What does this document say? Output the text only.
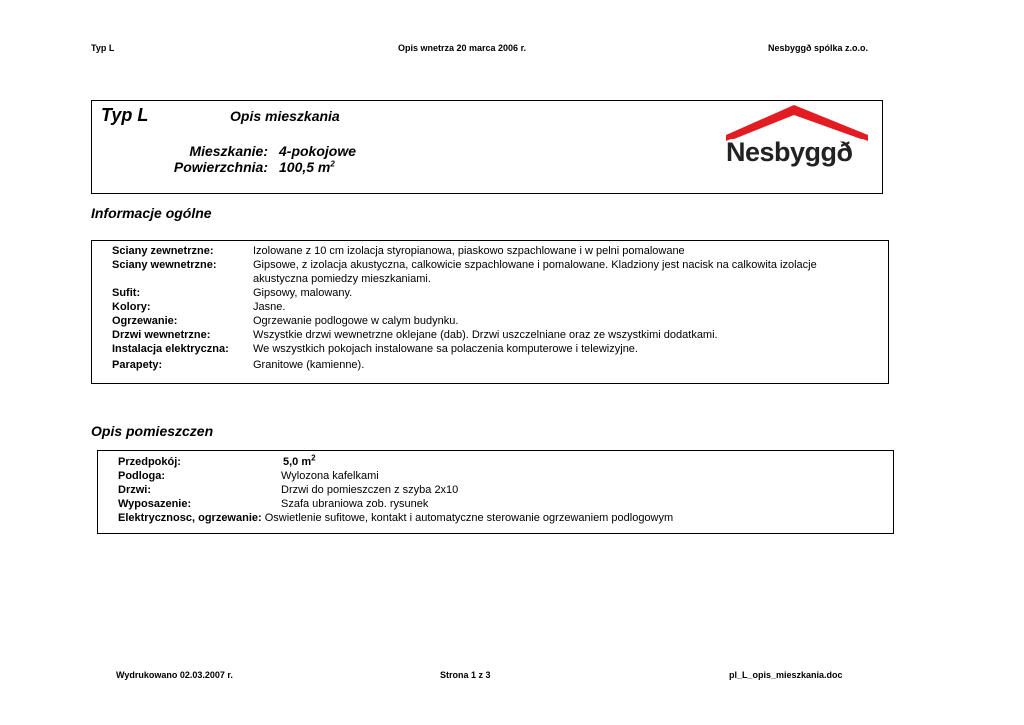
Typ L	Opis wnetrza 20 marca 2006 r.	Nesbyggð spólka z.o.o.
Typ L	Opis mieszkania
Mieszkanie: 4-pokojowe
Powierzchnia: 100,5 $m^2$	Nesbyggð
Informacje ogólne
Sciany zewnetrzne:	Izolowane z 10 cm izolacja styropianowa, piaskowo szpachlowane i w pelni pomalowane
Sciany wewnetrzne:	Gipsowe, z izolacja akustyczna, calkowicie szpachlowane i pomalowane. Kladziony jest nacisk na calkowita izolacje
akustyczna pomiedzy mieszkaniami.
Sufit:	Gipsowy, malowany.
Kolory:	Jasne.
Ogrzewanie:	Ogrzewanie podlogowe w calym budynku.
Drzwi wewnetrzne:	Wszystkie drzwi wewnetrzne oklejane (dab). Drzwi uszczelniane oraz ze wszystkimi dodatkami.
Instalacja elektryczna: We wszystkich pokojach instalowane sa polaczenia komputerowe i telewizyjne.
Parapety:	Granitowe (kamienne).
Opis pomieszczen
Przedpokój:	5,0 $m^2$
Podloga:	Wylozona kafelkami
Drzwi:	Drzwi do pomieszczen z szyba 2x10
Wyposazenie:	Szafa ubraniowa zob. rysunek
Elektrycznosc, ogrzewanie: Oswietlenie sufitowe, kontakt i automatyczne sterowanie ogrzewaniem podlogowym
Wydrukowano 02.03.2007 r.	Strona 1 z 3	pl_L_opis_mieszkania.doc
